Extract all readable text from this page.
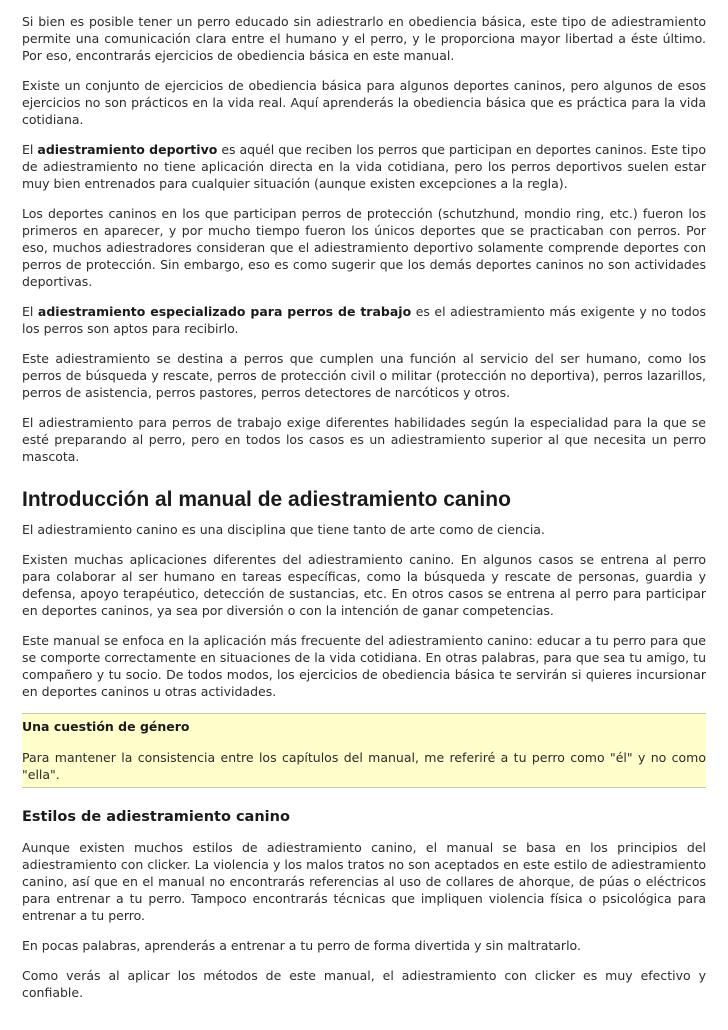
Si bien es posible tener un perro educado sin adiestrarlo en obediencia básica, este tipo de adiestramiento permite una comunicación clara entre el humano y el perro, y le proporciona mayor libertad a éste último. Por eso, encontrarás ejercicios de obediencia básica en este manual.

Existe un conjunto de ejercicios de obediencia básica para algunos deportes caninos, pero algunos de esos ejercicios no son prácticos en la vida real. Aquí aprenderás la obediencia básica que es práctica para la vida cotidiana.

El adiestramiento deportivo es aquél que reciben los perros que participan en deportes caninos. Este tipo de adiestramiento no tiene aplicación directa en la vida cotidiana, pero los perros deportivos suelen estar muy bien entrenados para cualquier situación (aunque existen excepciones a la regla).

Los deportes caninos en los que participan perros de protección (schutzhund, mondio ring, etc.) fueron los primeros en aparecer, y por mucho tiempo fueron los únicos deportes que se practicaban con perros. Por eso, muchos adiestradores consideran que el adiestramiento deportivo solamente comprende deportes con perros de protección. Sin embargo, eso es como sugerir que los demás deportes caninos no son actividades deportivas.

El adiestramiento especializado para perros de trabajo es el adiestramiento más exigente y no todos los perros son aptos para recibirlo.

Este adiestramiento se destina a perros que cumplen una función al servicio del ser humano, como los perros de búsqueda y rescate, perros de protección civil o militar (protección no deportiva), perros lazarillos, perros de asistencia, perros pastores, perros detectores de narcóticos y otros.

El adiestramiento para perros de trabajo exige diferentes habilidades según la especialidad para la que se esté preparando al perro, pero en todos los casos es un adiestramiento superior al que necesita un perro mascota.

Introducción al manual de adiestramiento canino

El adiestramiento canino es una disciplina que tiene tanto de arte como de ciencia.

Existen muchas aplicaciones diferentes del adiestramiento canino. En algunos casos se entrena al perro para colaborar al ser humano en tareas específicas, como la búsqueda y rescate de personas, guardia y defensa, apoyo terapéutico, detección de sustancias, etc. En otros casos se entrena al perro para participar en deportes caninos, ya sea por diversión o con la intención de ganar competencias.

Este manual se enfoca en la aplicación más frecuente del adiestramiento canino: educar a tu perro para que se comporte correctamente en situaciones de la vida cotidiana. En otras palabras, para que sea tu amigo, tu compañero y tu socio. De todos modos, los ejercicios de obediencia básica te servirán si quieres incursionar en deportes caninos u otras actividades.

Una cuestión de género

Para mantener la consistencia entre los capítulos del manual, me referiré a tu perro como "él" y no como "ella".

Estilos de adiestramiento canino

Aunque existen muchos estilos de adiestramiento canino, el manual se basa en los principios del adiestramiento con clicker. La violencia y los malos tratos no son aceptados en este estilo de adiestramiento canino, así que en el manual no encontrarás referencias al uso de collares de ahorque, de púas o eléctricos para entrenar a tu perro. Tampoco encontrarás técnicas que impliquen violencia física o psicológica para entrenar a tu perro.

En pocas palabras, aprenderás a entrenar a tu perro de forma divertida y sin maltratarlo.

Como verás al aplicar los métodos de este manual, el adiestramiento con clicker es muy efectivo y confiable.
